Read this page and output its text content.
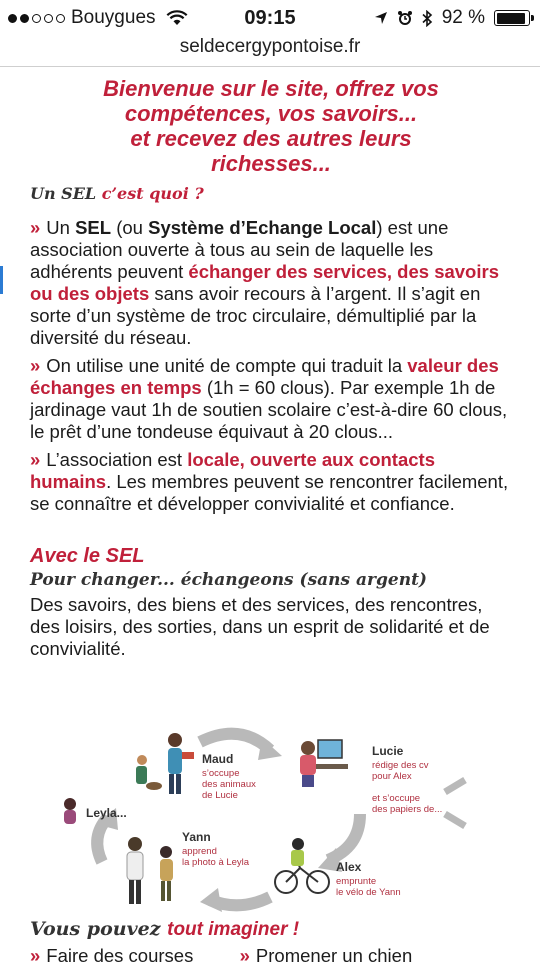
Bouygues	09:15	92 %
seldecergypontoise.fr
Bienvenue sur le site, offrez vos
compétences, vos savoirs...
et recevez des autres leurs
richesses...
Un SEL c’est quoi ?

» Un SEL (ou Système d’Echange Local) est une association ouverte à tous au sein de laquelle les adhérents peuvent échanger des services, des savoirs ou des objets sans avoir recours à l’argent. Il s’agit en sorte d’un système de troc circulaire, démultiplié par la diversité du réseau.

» On utilise une unité de compte qui traduit la valeur des échanges en temps (1h = 60 clous). Par exemple 1h de jardinage vaut 1h de soutien scolaire c’est-à-dire 60 clous, le prêt d’une tondeuse équivaut à 20 clous...

» L’association est locale, ouverte aux contacts humains. Les membres peuvent se rencontrer facilement, se connaître et développer convivialité et confiance.

Avec le SEL
Pour changer... échangeons (sans argent)

Des savoirs, des biens et des services, des rencontres, des loisirs, des sorties, dans un esprit de solidarité et de convivialité.

Maud
s’occupe
des animaux
de Lucie
Lucie
rédige des cv
pour Alex

et s’occupe
des papiers de...
Leyla...
Yann
apprend
la photo à Leyla	Alex
emprunte
le vélo de Yann
Vous pouvez tout imaginer !
» Faire des courses	» Promener un chien
